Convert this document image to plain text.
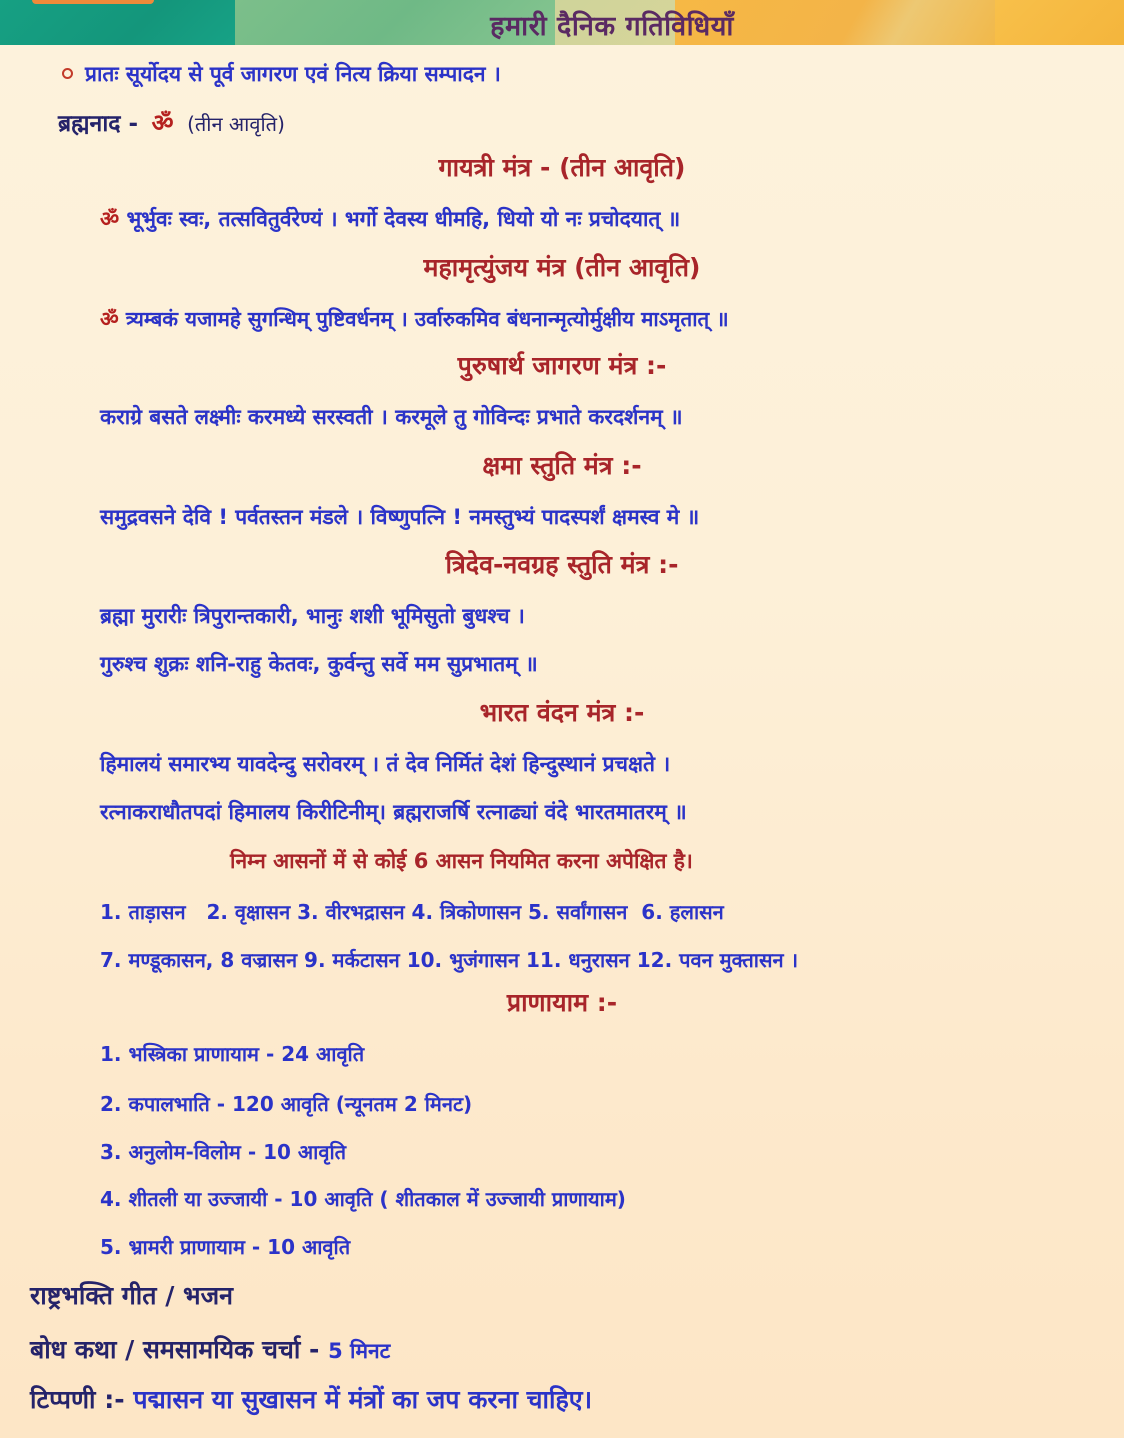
हमारी दैनिक गतिविधियाँ
प्रातः सूर्योदय से पूर्व जागरण एवं नित्य क्रिया सम्पादन ।
ब्रह्मनाद - ॐ (तीन आवृति)
गायत्री मंत्र - (तीन आवृति)
ॐ भूर्भुवः स्वः, तत्सवितुर्वरेण्यं । भर्गो देवस्य धीमहि, धियो यो नः प्रचोदयात् ॥
महामृत्युंजय मंत्र (तीन आवृति)
ॐ त्र्यम्बकं यजामहे सुगन्धिम् पुष्टिवर्धनम् । उर्वारुकमिव बंधनान्मृत्योर्मुक्षीय माऽमृतात् ॥
पुरुषार्थ जागरण मंत्र :-
कराग्रे बसते लक्ष्मीः करमध्ये सरस्वती । करमूले तु गोविन्दः प्रभाते करदर्शनम् ॥
क्षमा स्तुति मंत्र :-
समुद्रवसने देवि ! पर्वतस्तन मंडले । विष्णुपत्नि ! नमस्तुभ्यं पादस्पर्शं क्षमस्व मे ॥
त्रिदेव-नवग्रह स्तुति मंत्र :-
ब्रह्मा मुरारीः त्रिपुरान्तकारी, भानुः शशी भूमिसुतो बुधश्च ।
गुरुश्च शुक्रः शनि-राहु केतवः, कुर्वन्तु सर्वे मम सुप्रभातम् ॥
भारत वंदन मंत्र :-
हिमालयं समारभ्य यावदेन्दु सरोवरम् । तं देव निर्मितं देशं हिन्दुस्थानं प्रचक्षते ।
रत्नाकराधौतपदां हिमालय किरीटिनीम्। ब्रह्मराजर्षि रत्नाढ्यां वंदे भारतमातरम् ॥
निम्न आसनों में से कोई 6 आसन नियमित करना अपेक्षित है।
1. ताड़ासन   2. वृक्षासन 3. वीरभद्रासन 4. त्रिकोणासन 5. सर्वांगासन  6. हलासन
7. मण्डूकासन, 8 वज्रासन 9. मर्कटासन 10. भुजंगासन 11. धनुरासन 12. पवन मुक्तासन ।
प्राणायाम :-
1. भस्त्रिका प्राणायाम - 24 आवृति
2. कपालभाति - 120 आवृति (न्यूनतम 2 मिनट)
3. अनुलोम-विलोम - 10 आवृति
4. शीतली या उज्जायी - 10 आवृति ( शीतकाल में उज्जायी प्राणायाम)
5. भ्रामरी प्राणायाम - 10 आवृति
राष्ट्रभक्ति गीत / भजन
बोध कथा / समसामयिक चर्चा - 5 मिनट
टिप्पणी :- पद्मासन या सुखासन में मंत्रों का जप करना चाहिए।
